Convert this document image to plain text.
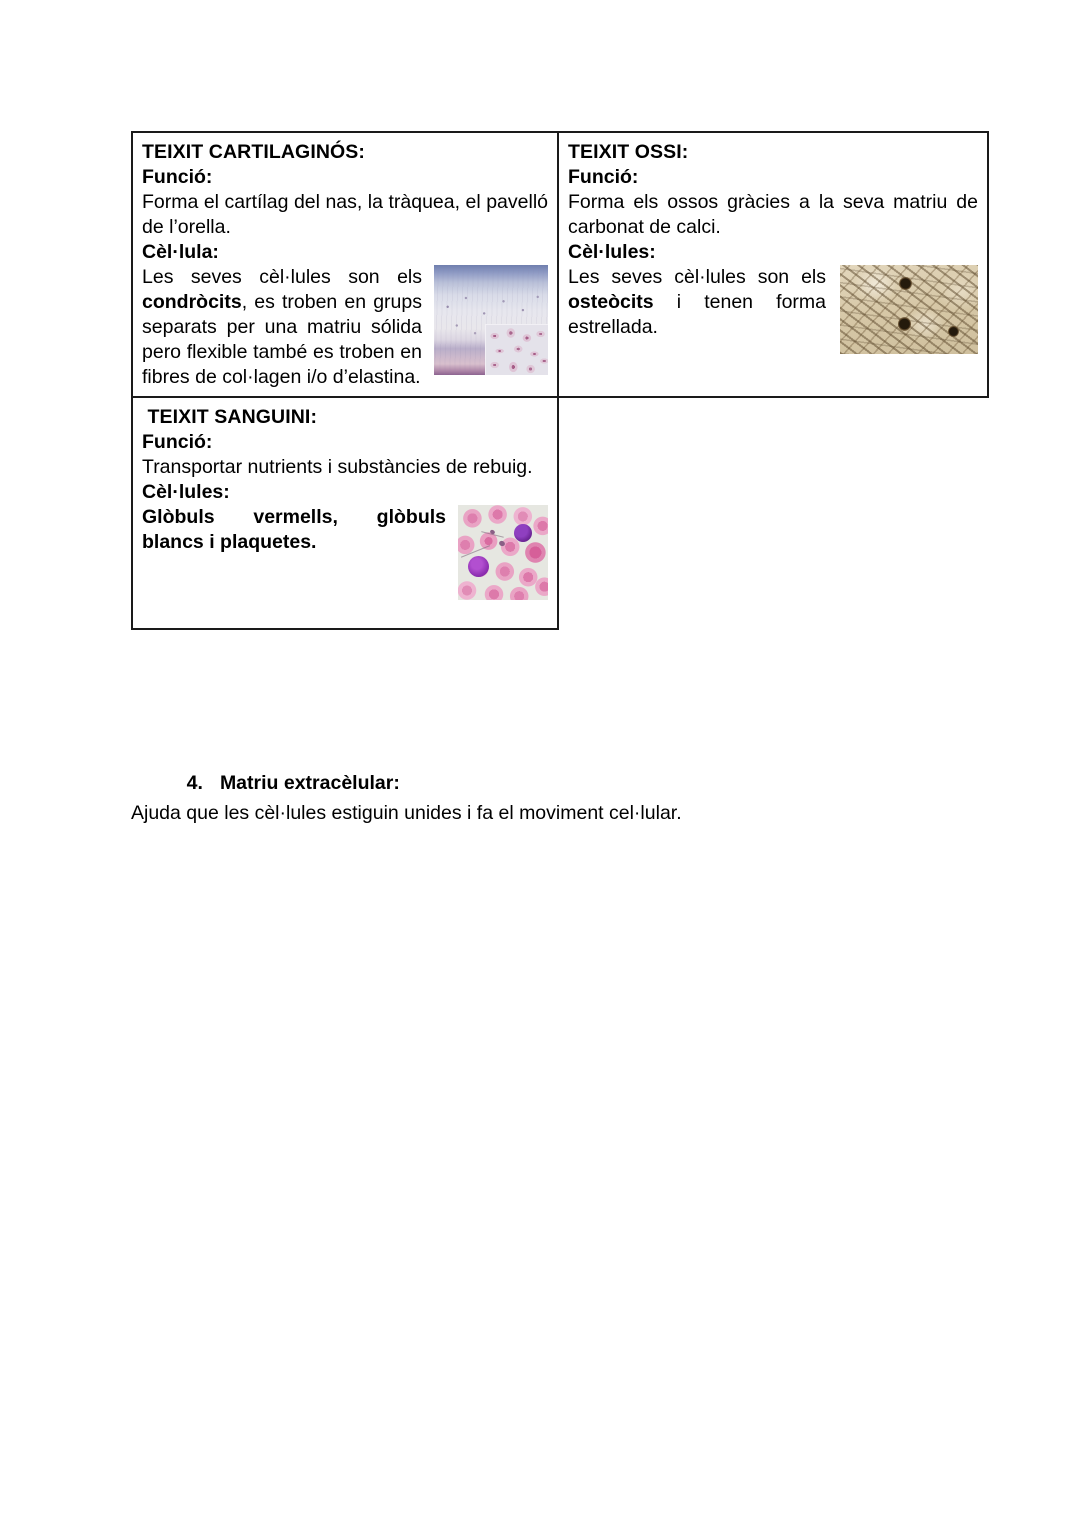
TEIXIT CARTILAGINÓS:
Funció:
Forma el cartílag del nas, la tràquea, el pavelló de l’orella.
Cèl·lula:
Les seves cèl·lules son els condròcits, es troben en grups separats per una matriu sólida pero flexible també es troben en fibres de col·lagen i/o d’elastina.

TEIXIT OSSI:
Funció:
Forma els ossos gràcies a la seva matriu de carbonat de calci.
Cèl·lules:
Les seves cèl·lules son els osteòcits i tenen forma estrellada.

TEIXIT SANGUINI:
Funció:
Transportar nutrients i substàncies de rebuig.
Cèl·lules:
Glòbuls vermells, glòbuls blancs i plaquetes.	

4. Matriu extracèlular:

Ajuda que les cèl·lules estiguin unides i fa el moviment cel·lular.
